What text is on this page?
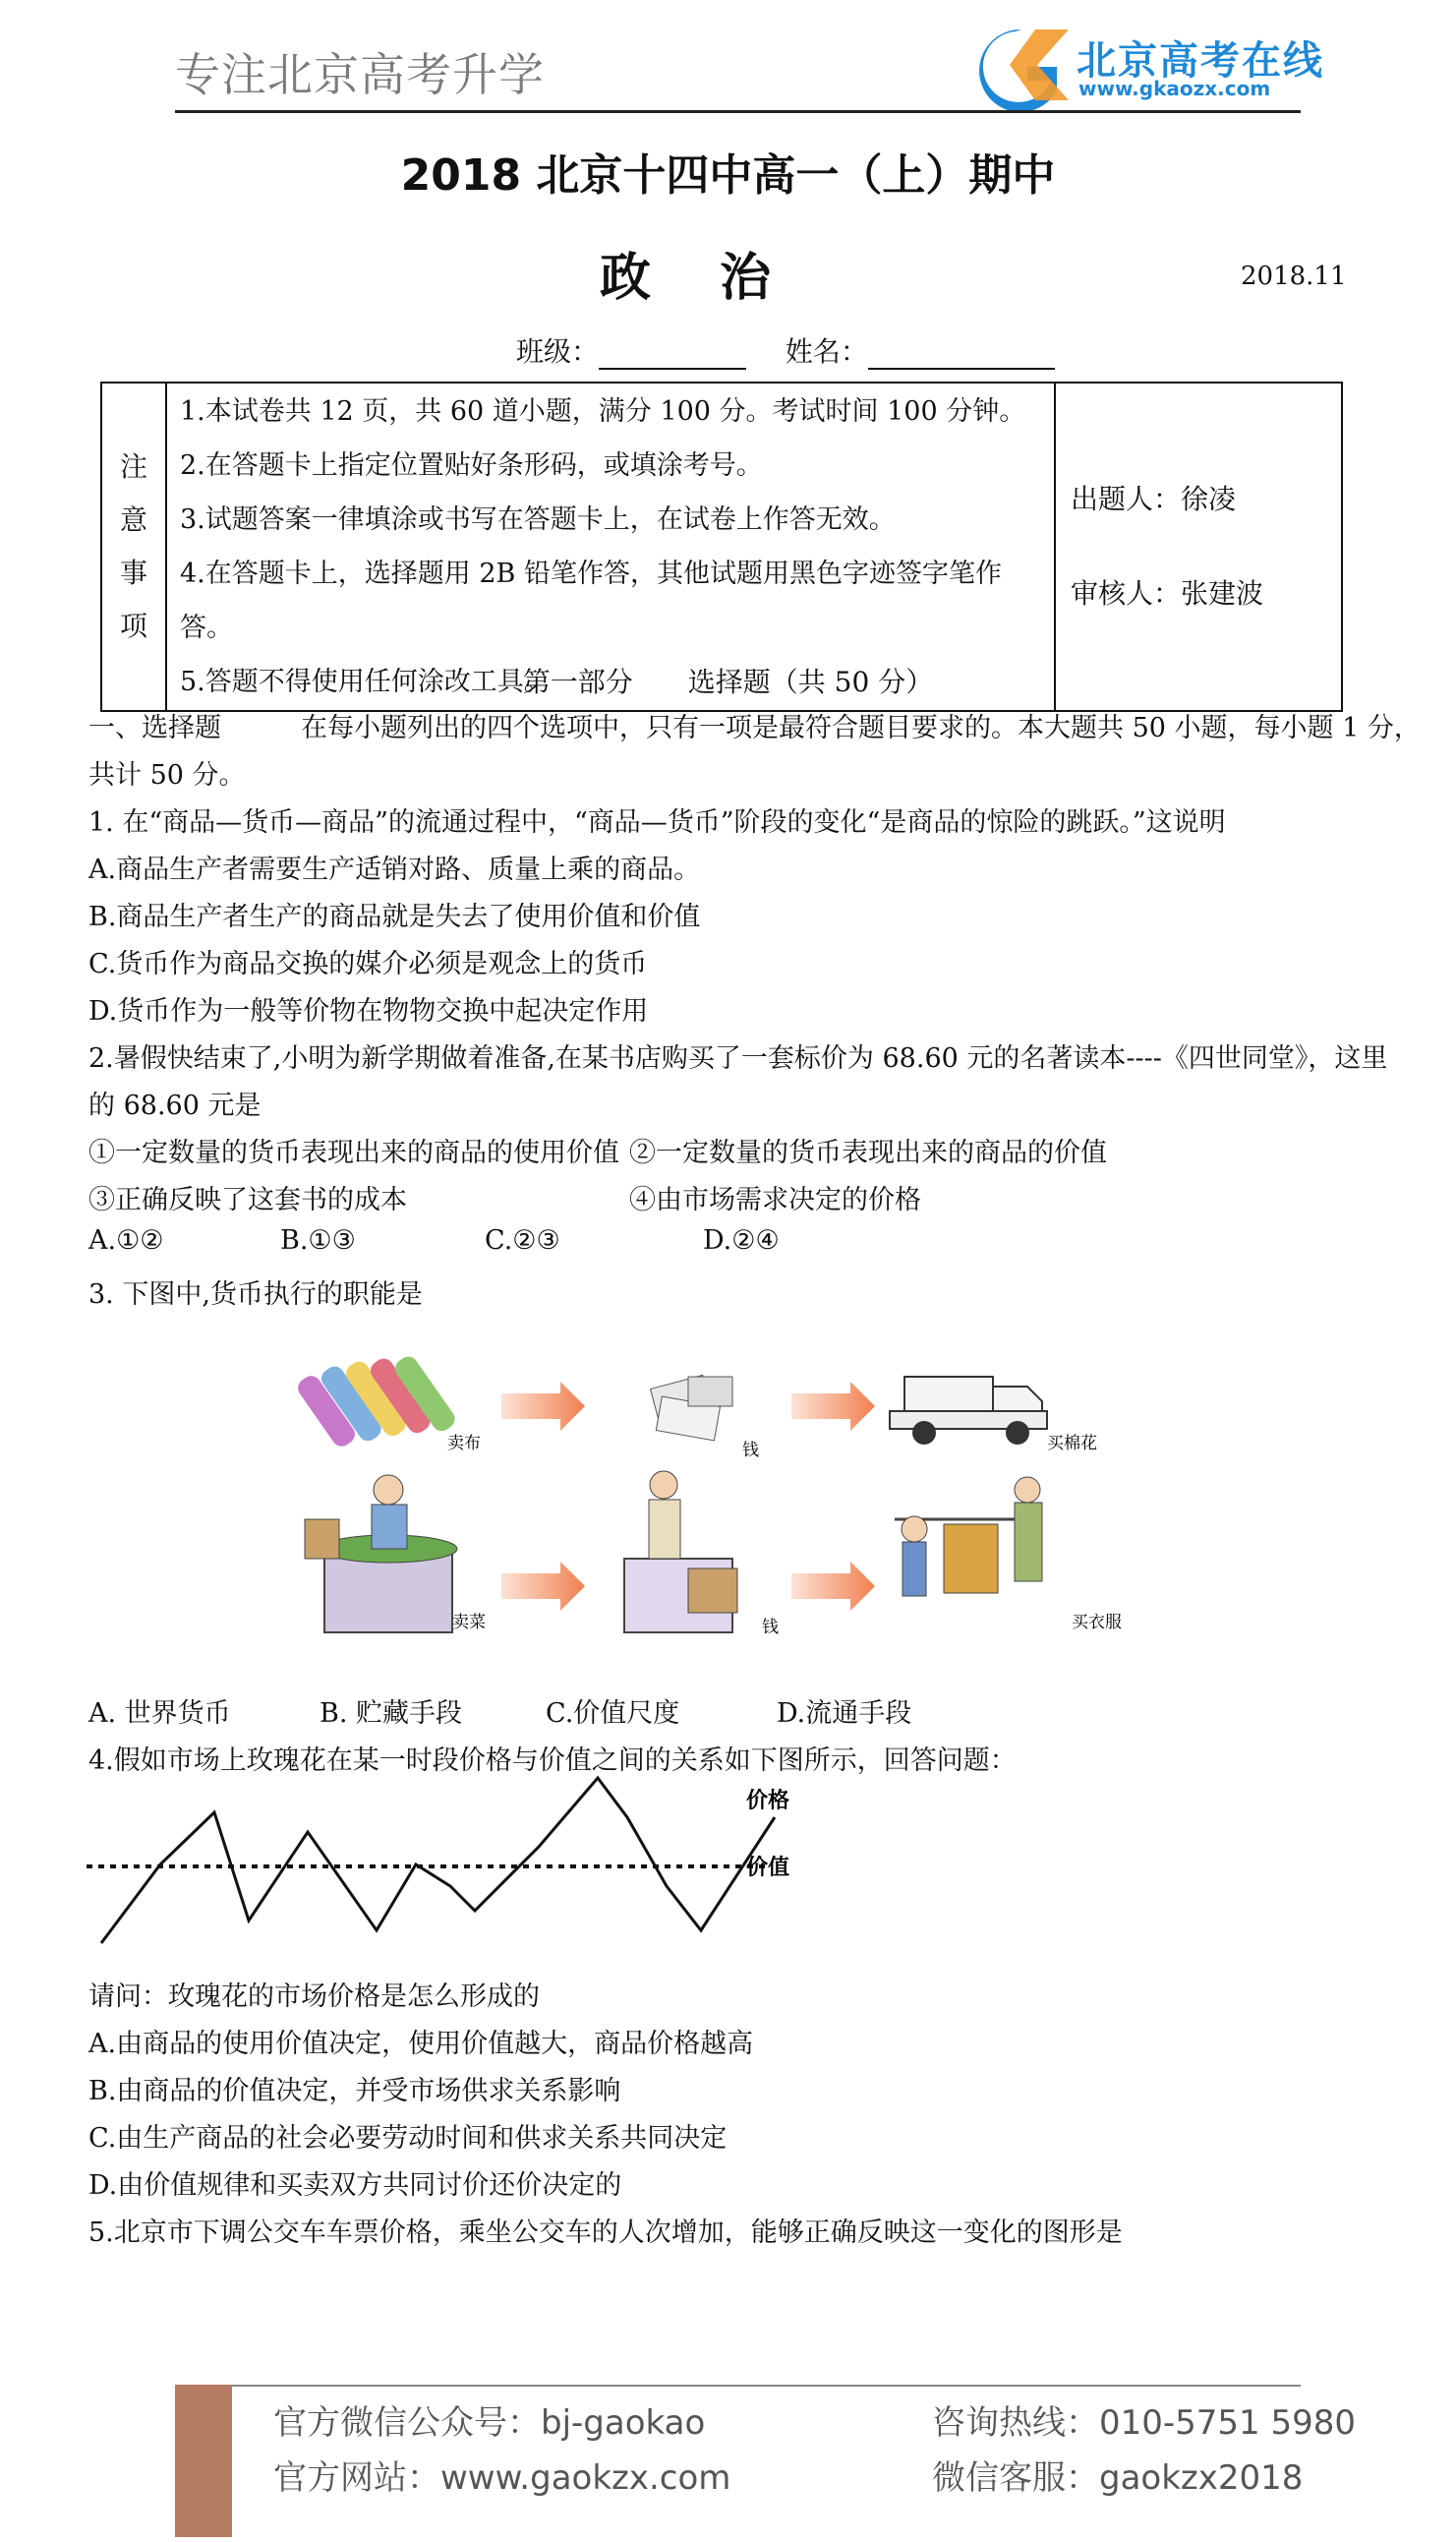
专注北京高考升学	北京高考在线
www.gkaozx.com
2018 北京十四中高一（上）期中
政治	2018.11
班级：	姓名：
注
意
事
项

1.本试卷共 12 页，共 60 道小题，满分 100 分。考试时间 100 分钟。
2.在答题卡上指定位置贴好条形码，或填涂考号。
3.试题答案一律填涂或书写在答题卡上，在试卷上作答无效。
4.在答题卡上，选择题用 2B 铅笔作答，其他试题用黑色字迹签字笔作答。
5.答题不得使用任何涂改工具。

出题人：徐凌
审核人：张建波
第一部分　　选择题（共 50 分）
一、选择题　　　在每小题列出的四个选项中，只有一项是最符合题目要求的。本大题共 50 小题，每小题 1 分，
共计 50 分。
1. 在“商品—货币—商品”的流通过程中，“商品—货币”阶段的变化“是商品的惊险的跳跃。”这说明
A.商品生产者需要生产适销对路、质量上乘的商品。
B.商品生产者生产的商品就是失去了使用价值和价值
C.货币作为商品交换的媒介必须是观念上的货币
D.货币作为一般等价物在物物交换中起决定作用
2.暑假快结束了,小明为新学期做着准备,在某书店购买了一套标价为 68.60 元的名著读本----《四世同堂》，这里
的 68.60 元是
①一定数量的货币表现出来的商品的使用价值 ②一定数量的货币表现出来的商品的价值
③正确反映了这套书的成本	④由市场需求决定的价格
A.①②	B.①③	C.②③	D.②④
3. 下图中,货币执行的职能是
卖布	钱	买棉花
卖菜	钱	买衣服
A. 世界货币	B. 贮藏手段	C.价值尺度	D.流通手段
4.假如市场上玫瑰花在某一时段价格与价值之间的关系如下图所示，回答问题：
价格
价值
请问：玫瑰花的市场价格是怎么形成的
A.由商品的使用价值决定，使用价值越大，商品价格越高
B.由商品的价值决定，并受市场供求关系影响
C.由生产商品的社会必要劳动时间和供求关系共同决定
D.由价值规律和买卖双方共同讨价还价决定的
5.北京市下调公交车车票价格，乘坐公交车的人次增加，能够正确反映这一变化的图形是
官方微信公众号：bj-gaokao
官方网站：www.gaokzx.com
咨询热线：010-5751 5980
微信客服：gaokzx2018
